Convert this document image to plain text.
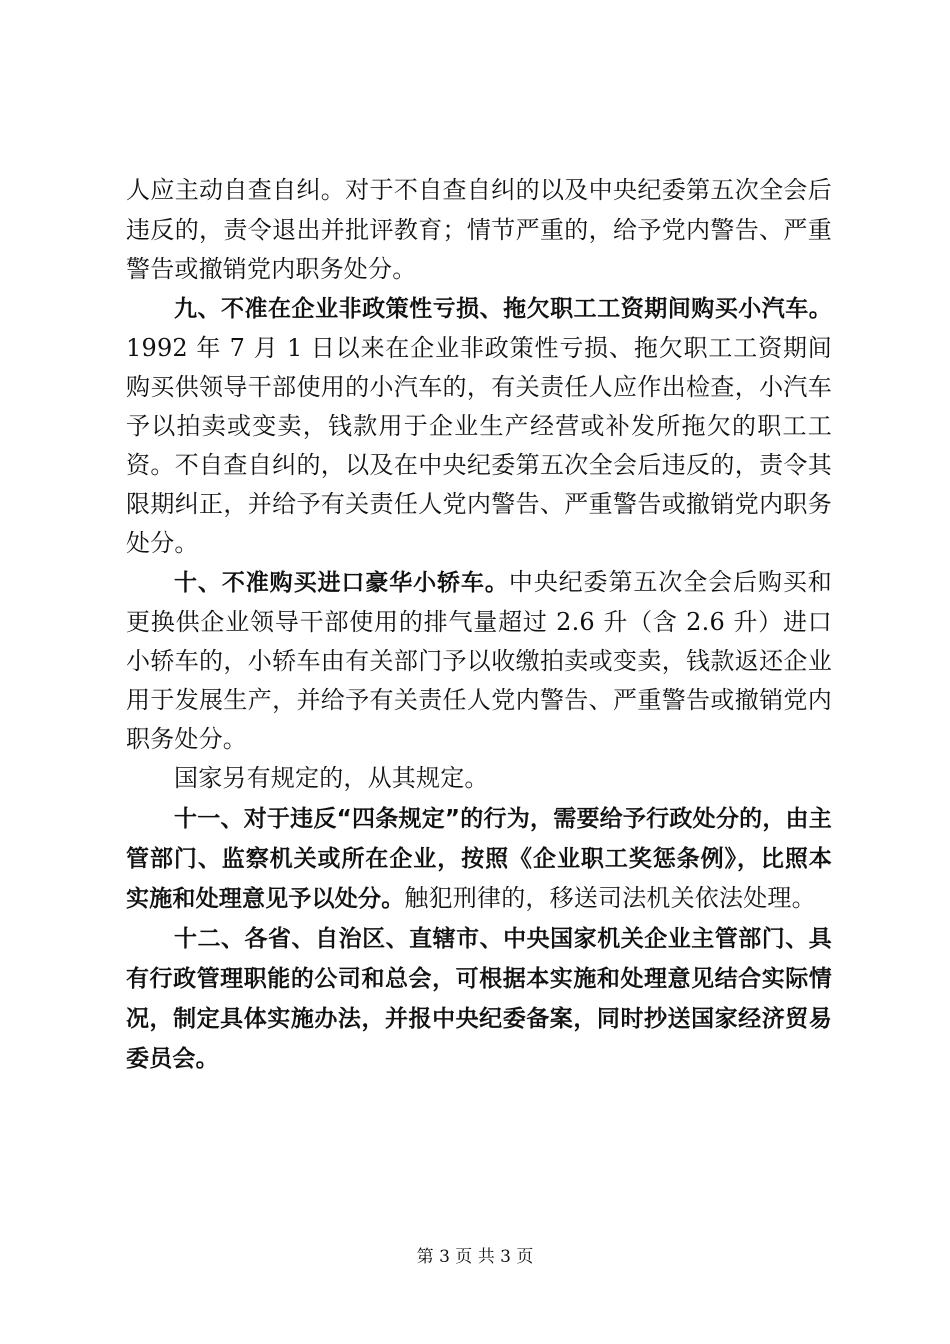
人应主动自查自纠。对于不自查自纠的以及中央纪委第五次全会后违反的，责令退出并批评教育；情节严重的，给予党内警告、严重警告或撤销党内职务处分。

九、不准在企业非政策性亏损、拖欠职工工资期间购买小汽车。1992 年 7 月 1 日以来在企业非政策性亏损、拖欠职工工资期间购买供领导干部使用的小汽车的，有关责任人应作出检查，小汽车予以拍卖或变卖，钱款用于企业生产经营或补发所拖欠的职工工资。不自查自纠的，以及在中央纪委第五次全会后违反的，责令其限期纠正，并给予有关责任人党内警告、严重警告或撤销党内职务处分。

十、不准购买进口豪华小轿车。中央纪委第五次全会后购买和更换供企业领导干部使用的排气量超过 2.6 升（含 2.6 升）进口小轿车的，小轿车由有关部门予以收缴拍卖或变卖，钱款返还企业用于发展生产，并给予有关责任人党内警告、严重警告或撤销党内职务处分。

国家另有规定的，从其规定。

十一、对于违反“四条规定”的行为，需要给予行政处分的，由主管部门、监察机关或所在企业，按照《企业职工奖惩条例》，比照本实施和处理意见予以处分。触犯刑律的，移送司法机关依法处理。

十二、各省、自治区、直辖市、中央国家机关企业主管部门、具有行政管理职能的公司和总会，可根据本实施和处理意见结合实际情况，制定具体实施办法，并报中央纪委备案，同时抄送国家经济贸易委员会。

第 3 页 共 3 页
